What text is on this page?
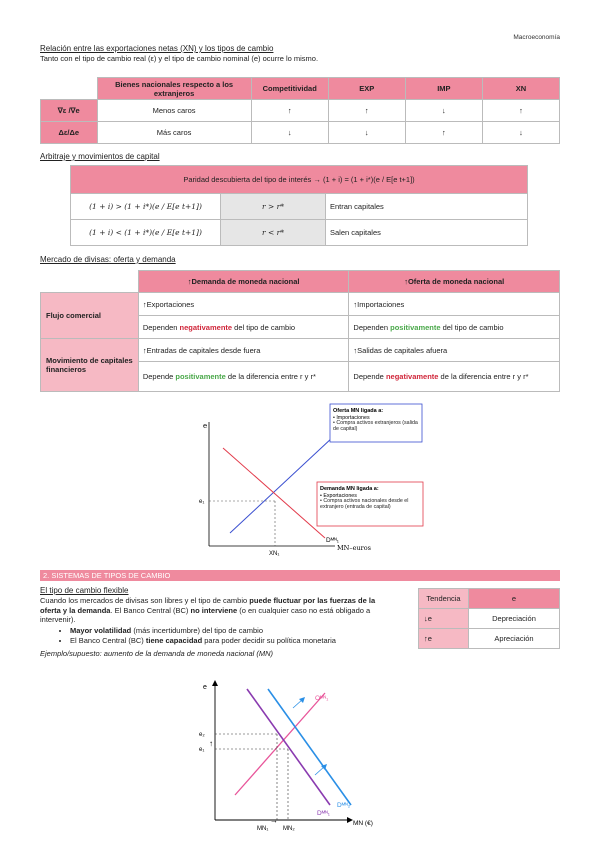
Macroeconomía
Relación entre las exportaciones netas (XN) y los tipos de cambio
Tanto con el tipo de cambio real (ε) y el tipo de cambio nominal (e) ocurre lo mismo.
	Bienes nacionales respecto a los extranjeros	Competitividad	EXP	IMP	XN
∇ε /∇e	Menos caros	↑	↑	↓	↑
Δε/Δe	Más caros	↓	↓	↑	↓
Arbitraje y movimientos de capital
Paridad descubierta del tipo de interés → (1 + i) = (1 + i*)(e / E[e t+1])		
(1 + i) > (1 + i*)(e / E[e t+1])	r > r*	Entran capitales
(1 + i) < (1 + i*)(e / E[e t+1])	r < r*	Salen capitales
Mercado de divisas: oferta y demanda
	↑Demanda de moneda nacional	↑Oferta de moneda nacional
Flujo comercial	↑Exportaciones	↑Importaciones
	Dependen negativamente del tipo de cambio	Dependen positivamente del tipo de cambio
Movimiento de capitales financieros	↑Entradas de capitales desde fuera	↑Salidas de capitales afuera
	Depende positivamente de la diferencia entre r y r*	Depende negativamente de la diferencia entre r y r*
e
MN–euros
e₁
XN₁
Dᴹᴺ₁
Oferta MN ligada a:
• Importaciones
• Compra activos extranjeros (salida de capital)
Demanda MN ligada a:
• Exportaciones
• Compra activos nacionales desde el extranjero (entrada de capital)
2. SISTEMAS DE TIPOS DE CAMBIO
El tipo de cambio flexible
Cuando los mercados de divisas son libres y el tipo de cambio puede fluctuar por las fuerzas de la oferta y la demanda. El Banco Central (BC) no interviene (o en cualquier caso no está obligado a intervenir).
• Mayor volatilidad (más incertidumbre) del tipo de cambio
• El Banco Central (BC) tiene capacidad para poder decidir su política monetaria
Ejemplo/supuesto: aumento de la demanda de moneda nacional (MN)
Tendencia	e
↓e	Depreciación
↑e	Apreciación
e
MN (€)
e₂
e₁
↑
MN₁ MN₂
→
Oᴹᴺ₁
Dᴹᴺ₂
Dᴹᴺ₁
